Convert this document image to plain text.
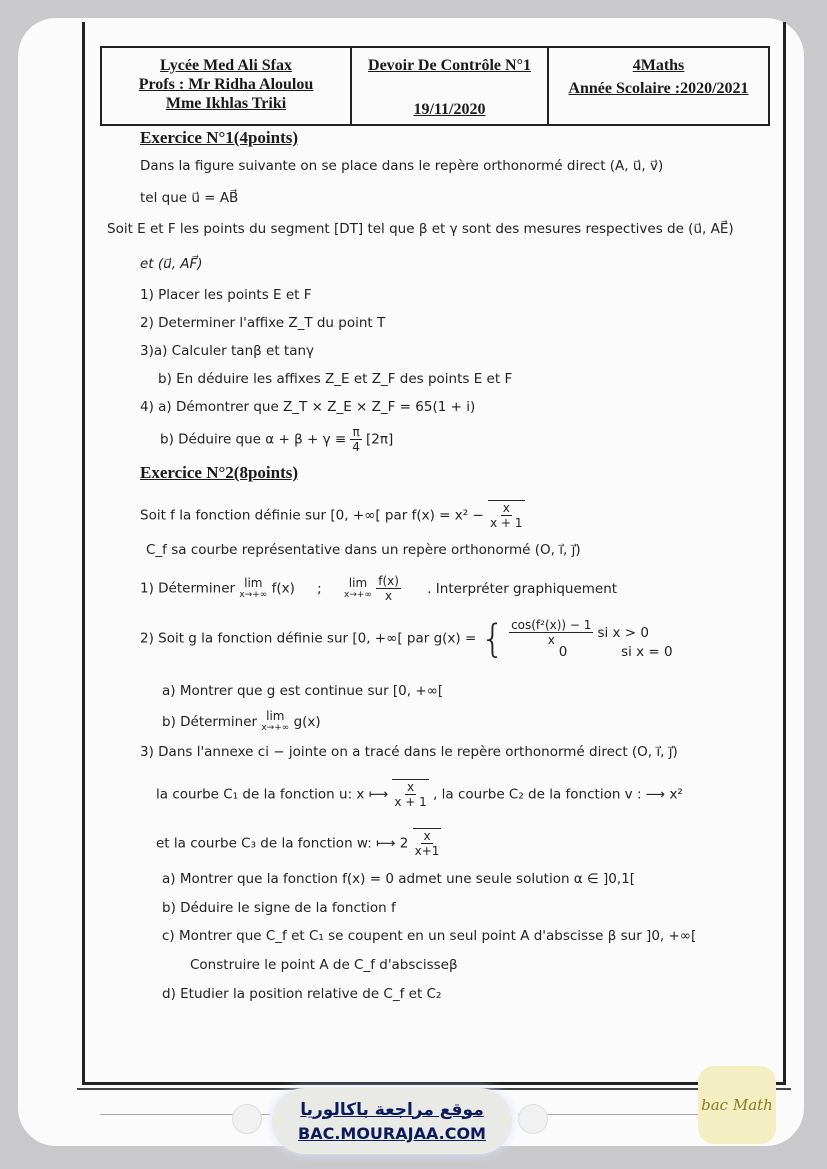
Lycée Med Ali Sfax
Profs : Mr Ridha Aloulou
Mme Ikhlas Triki
Devoir De Contrôle N°1
19/11/2020
4Maths
Année Scolaire :2020/2021
Exercice N°1(4points)
Dans la figure suivante on se place dans le repère orthonormé direct (A, u⃗, v⃗)
tel que u⃗ = AB⃗
Soit E et F les points du segment [DT] tel que β et γ sont des mesures respectives de (u⃗, AE⃗)
et (u⃗, AF⃗)
1) Placer les points E et F
2) Determiner l'affixe Z_T du point T
3)a) Calculer tanβ et tanγ
b) En déduire les affixes Z_E et Z_F des points E et F
4) a) Démontrer que Z_T × Z_E × Z_F = 65(1 + i)
b) Déduire que $\alpha + \beta + \gamma \equiv \frac{\pi}{4} [2\pi]$
Exercice N°2(8points)
Soit f la fonction définie sur [0, +∞[ par $f(x) = x^2 - \frac{x}{x + 1}$
C_f sa courbe représentative dans un repère orthonormé (O, i⃗, j⃗)
1) Déterminer lim
x→+∞ f(x) ; lim
x→+∞
$\frac{f(x)}{x}$ . Interpréter graphiquement
2) Soit g la fonction définie sur [0, +∞[ par g(x) = { $\frac{\text{cos(f²(x)) − 1}}{x}$ si x > 0
0	si x = 0
a) Montrer que g est continue sur [0, +∞[
b) Déterminer lim
x→+∞ g(x)
3) Dans l'annexe ci − jointe on a tracé dans le repère orthonormé direct (O, i⃗, j⃗)
la courbe C₁ de la fonction u: x ⟼ $\frac{x}{x + 1}$ , la courbe C₂ de la fonction v : ⟶ x²
et la courbe C₃ de la fonction w: ⟼ $2 \frac{x}{x+1}$
a) Montrer que la fonction f(x) = 0 admet une seule solution α ∈ ]0,1[
b) Déduire le signe de la fonction f
c) Montrer que C_f et C₁ se coupent en un seul point A d'abscisse β sur ]0, +∞[
Construire le point A de C_f d'abscisseβ
d) Etudier la position relative de C_f et C₂
موقع مراجعة باكالوريا
BAC.MOURAJAA.COM
bac Math
